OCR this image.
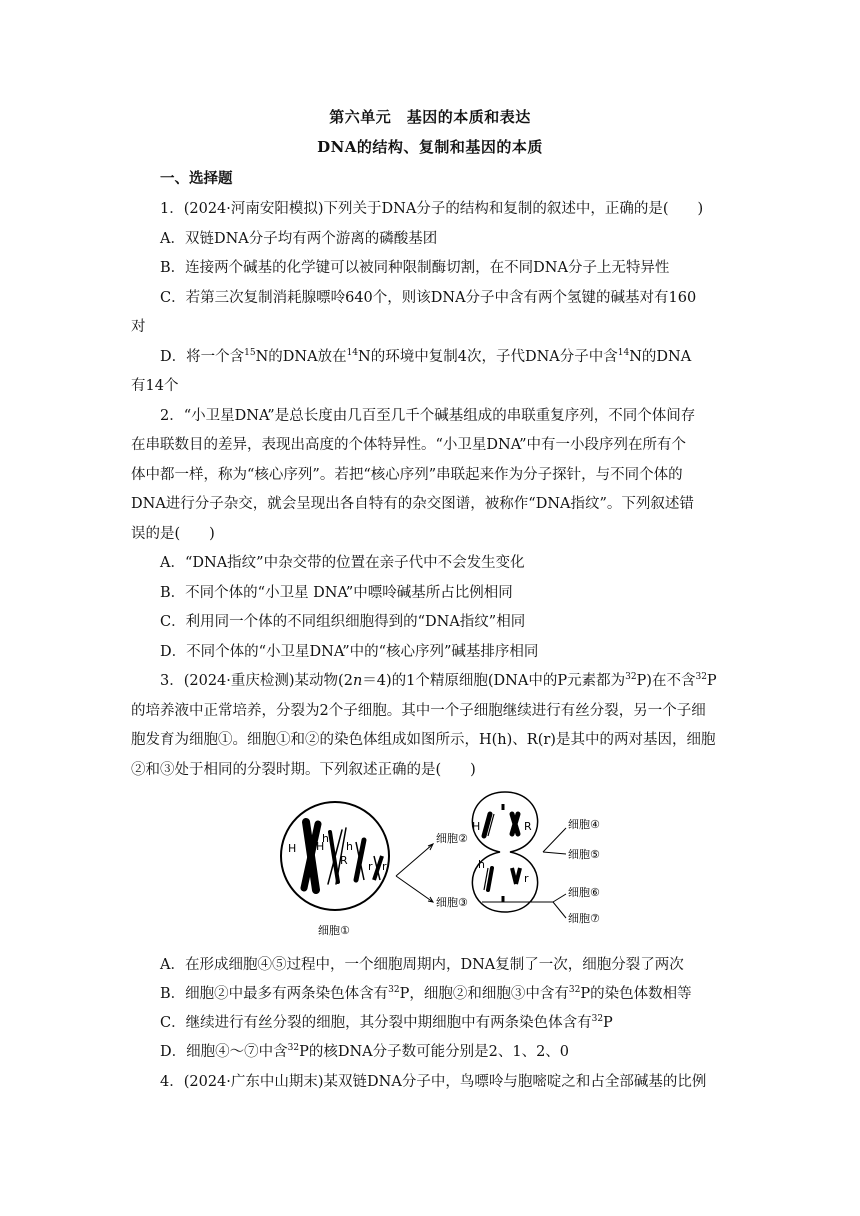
第六单元　基因的本质和表达
DNA的结构、复制和基因的本质
一、选择题
1．(2024·河南安阳模拟)下列关于DNA分子的结构和复制的叙述中，正确的是(　　)
A．双链DNA分子均有两个游离的磷酸基团
B．连接两个碱基的化学键可以被同种限制酶切割，在不同DNA分子上无特异性
C．若第三次复制消耗腺嘌呤640个，则该DNA分子中含有两个氢键的碱基对有160
对
D．将一个含$^{15}$N的DNA放在$^{14}$N的环境中复制4次，子代DNA分子中含$^{14}$N的DNA
有14个
2．“小卫星DNA”是总长度由几百至几千个碱基组成的串联重复序列，不同个体间存
在串联数目的差异，表现出高度的个体特异性。“小卫星DNA”中有一小段序列在所有个
体中都一样，称为“核心序列”。若把“核心序列”串联起来作为分子探针，与不同个体的
DNA进行分子杂交，就会呈现出各自特有的杂交图谱，被称作“DNA指纹”。下列叙述错
误的是(　　)
A．“DNA指纹”中杂交带的位置在亲子代中不会发生变化
B．不同个体的“小卫星 DNA”中嘌呤碱基所占比例相同
C．利用同一个体的不同组织细胞得到的“DNA指纹”相同
D．不同个体的“小卫星DNA”中的“核心序列”碱基排序相同
3．(2024·重庆检测)某动物(2n＝4)的1个精原细胞(DNA中的P元素都为$^{32}$P)在不含$^{32}$P
的培养液中正常培养，分裂为2个子细胞。其中一个子细胞继续进行有丝分裂，另一个子细
胞发育为细胞①。细胞①和②的染色体组成如图所示，H(h)、R(r)是其中的两对基因，细胞
②和③处于相同的分裂时期。下列叙述正确的是(　　)
H H
h
h
R r r
细胞①
细胞②
细胞③
H	R
h
r
细胞④
细胞⑤
细胞⑥
细胞⑦
A．在形成细胞④⑤过程中，一个细胞周期内，DNA复制了一次，细胞分裂了两次
B．细胞②中最多有两条染色体含有$^{32}$P，细胞②和细胞③中含有$^{32}$P的染色体数相等
C．继续进行有丝分裂的细胞，其分裂中期细胞中有两条染色体含有$^{32}$P
D．细胞④～⑦中含$^{32}$P的核DNA分子数可能分别是2、1、2、0
4．(2024·广东中山期末)某双链DNA分子中，鸟嘌呤与胞嘧啶之和占全部碱基的比例
